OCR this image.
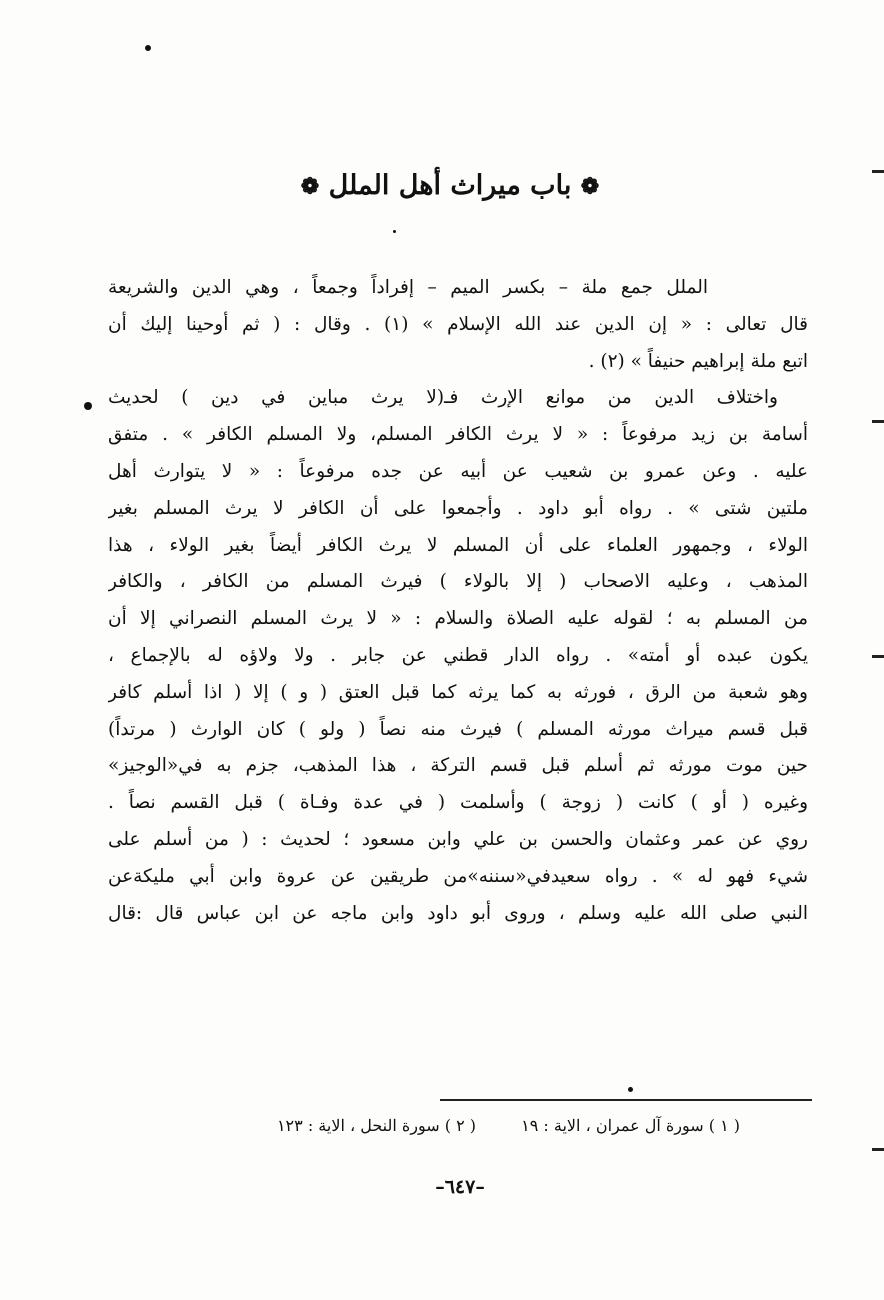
❁ باب ميراث أهل الملل ❁
الملل جمع ملة – بكسر الميم – إفراداً وجمعاً ، وهي الدين والشريعة
قال تعالى : « إن الدين عند الله الإسلام » (١) . وقال : ( ثم أوحينا إليك أن
اتبع ملة إبراهيم حنيفاً » (٢) .
واختلاف الدين من موانع الإرث فـ(لا يرث مباين في دين ) لحديث
أسامة بن زيد مرفوعاً : « لا يرث الكافر المسلم، ولا المسلم الكافر » . متفق
عليه . وعن عمرو بن شعيب عن أبيه عن جده مرفوعاً : « لا يتوارث أهل
ملتين شتى » . رواه أبو داود . وأجمعوا على أن الكافر لا يرث المسلم بغير
الولاء ، وجمهور العلماء على أن المسلم لا يرث الكافر أيضاً بغير الولاء ، هذا
المذهب ، وعليه الاصحاب ( إلا بالولاء ) فيرث المسلم من الكافر ، والكافر
من المسلم به ؛ لقوله عليه الصلاة والسلام : « لا يرث المسلم النصراني إلا أن
يكون عبده أو أمته» . رواه الدار قطني عن جابر . ولا ولاؤه له بالإجماع ،
وهو شعبة من الرق ، فورثه به كما يرثه كما قبل العتق ( و ) إلا ( اذا أسلم كافر
قبل قسم ميراث مورثه المسلم ) فيرث منه نصاً ( ولو ) كان الوارث ( مرتداً)
حين موت مورثه ثم أسلم قبل قسم التركة ، هذا المذهب، جزم به في«الوجيز»
وغيره ( أو ) كانت ( زوجة ) وأسلمت ( في عدة وفـاة ) قبل القسم نصاً .
روي عن عمر وعثمان والحسن بن علي وابن مسعود ؛ لحديث : ( من أسلم على
شيء فهو له » . رواه سعيدفي«سننه»من طريقين عن عروة وابن أبي مليكةعن
النبي صلى الله عليه وسلم ، وروى أبو داود وابن ماجه عن ابن عباس قال :قال
( ١ ) سورة آل عمران ، الاية : ١٩ ( ٢ ) سورة النحل ، الاية : ١٢٣
–٦٤٧–
